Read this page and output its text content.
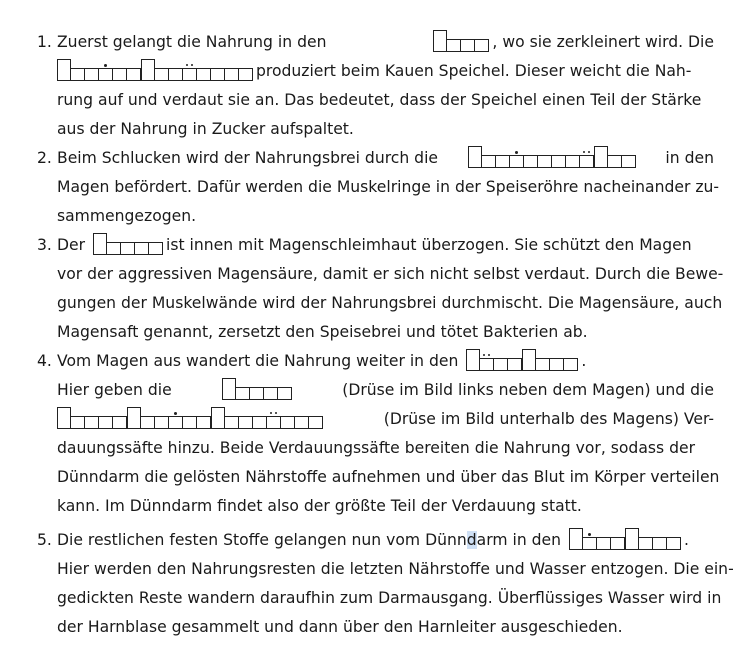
1. Zuerst gelangt die Nahrung in den	, wo sie zerkleinert wird. Die
produziert beim Kauen Speichel. Dieser weicht die Nah-
rung auf und verdaut sie an. Das bedeutet, dass der Speichel einen Teil der Stärke
aus der Nahrung in Zucker aufspaltet.
2. Beim Schlucken wird der Nahrungsbrei durch die	in den
Magen befördert. Dafür werden die Muskelringe in der Speiseröhre nacheinander zu-
sammengezogen.
3. Der	ist innen mit Magenschleimhaut überzogen. Sie schützt den Magen
vor der aggressiven Magensäure, damit er sich nicht selbst verdaut. Durch die Bewe-
gungen der Muskelwände wird der Nahrungsbrei durchmischt. Die Magensäure, auch
Magensaft genannt, zersetzt den Speisebrei und tötet Bakterien ab.
4. Vom Magen aus wandert die Nahrung weiter in den	.
Hier geben die	(Drüse im Bild links neben dem Magen) und die
(Drüse im Bild unterhalb des Magens) Ver-
dauungssäfte hinzu. Beide Verdauungssäfte bereiten die Nahrung vor, sodass der
Dünndarm die gelösten Nährstoffe aufnehmen und über das Blut im Körper verteilen
kann. Im Dünndarm findet also der größte Teil der Verdauung statt.
5. Die restlichen festen Stoffe gelangen nun vom Dünndarm in den	.
Hier werden den Nahrungsresten die letzten Nährstoffe und Wasser entzogen. Die ein-
gedickten Reste wandern daraufhin zum Darmausgang. Überflüssiges Wasser wird in
der Harnblase gesammelt und dann über den Harnleiter ausgeschieden.
